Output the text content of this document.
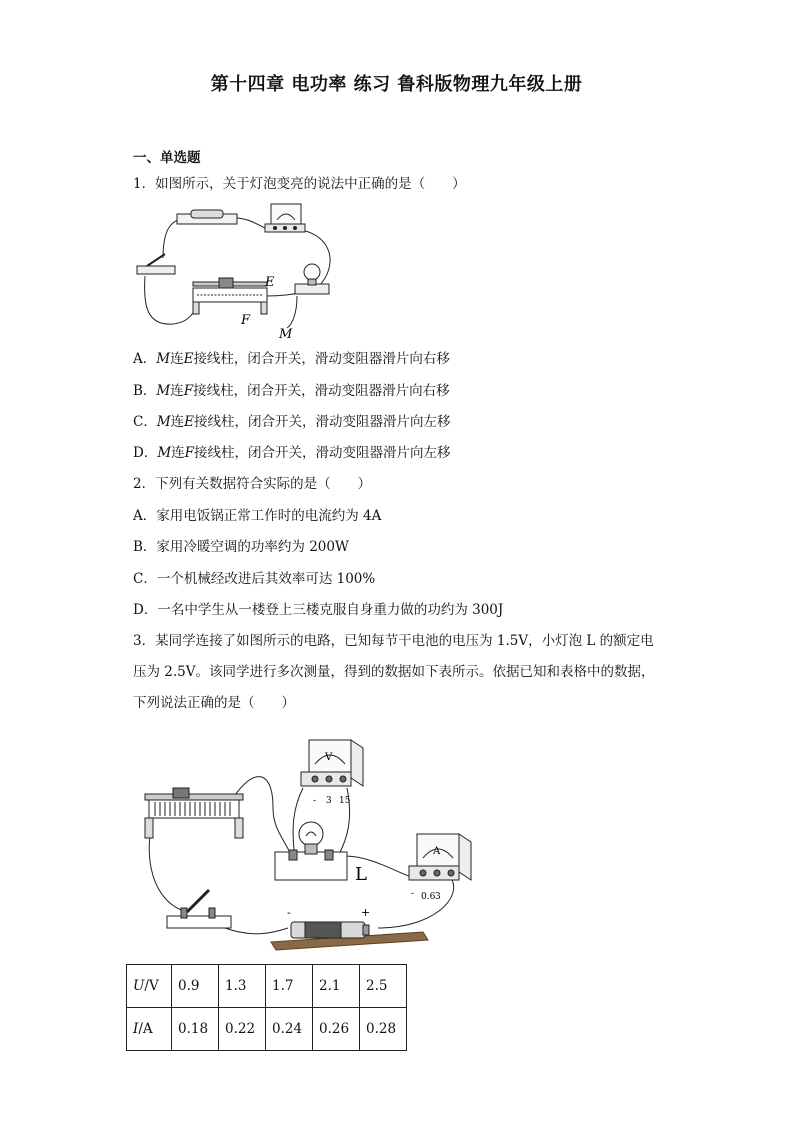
第十四章 电功率 练习 鲁科版物理九年级上册
一、单选题
1．如图所示，关于灯泡变亮的说法中正确的是（　　）
E
F
M
A．M连E接线柱，闭合开关，滑动变阻器滑片向右移
B．M连F接线柱，闭合开关，滑动变阻器滑片向右移
C．M连E接线柱，闭合开关，滑动变阻器滑片向左移
D．M连F接线柱，闭合开关，滑动变阻器滑片向左移
2．下列有关数据符合实际的是（　　）
A．家用电饭锅正常工作时的电流约为 4A
B．家用冷暖空调的功率约为 200W
C．一个机械经改进后其效率可达 100%
D．一名中学生从一楼登上三楼克服自身重力做的功约为 300J
3．某同学连接了如图所示的电路，已知每节干电池的电压为 1.5V，小灯泡 L 的额定电
压为 2.5V。该同学进行多次测量，得到的数据如下表所示。依据已知和表格中的数据，
下列说法正确的是（　　）
V
- 3 15
L
A
- 0.6 3
-	+
U/V	0.9	1.3	1.7	2.1	2.5
I/A	0.18	0.22	0.24	0.26	0.28
